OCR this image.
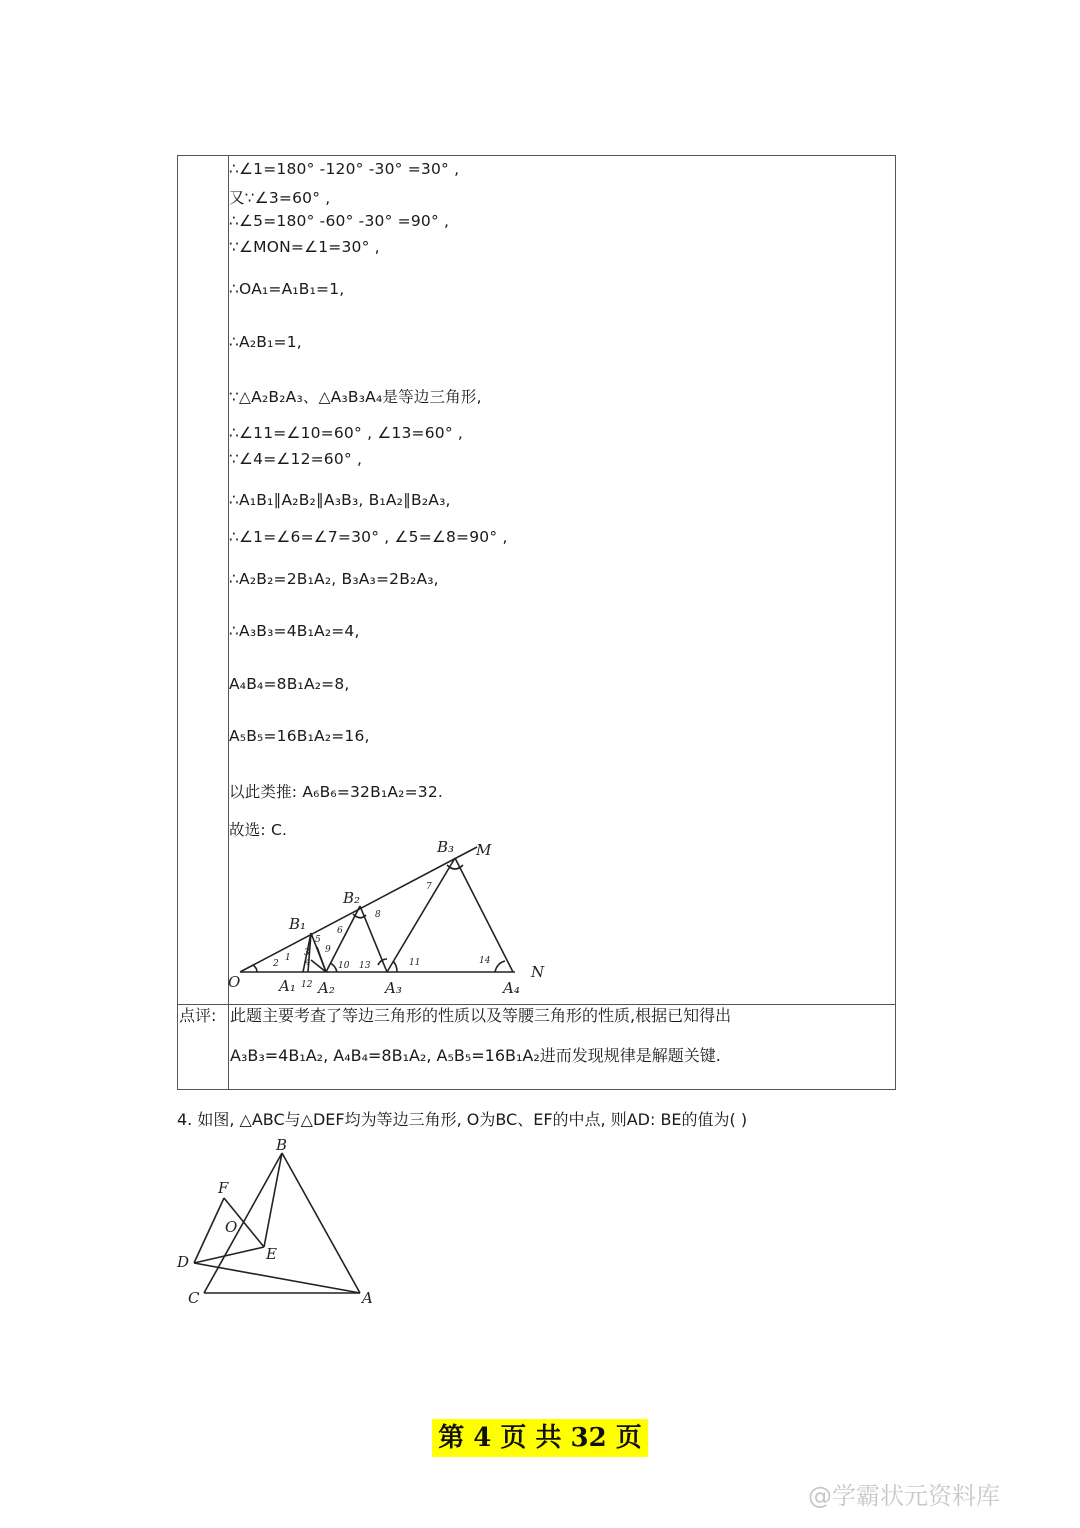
∴∠1=180° -120° -30° =30° ,
又∵∠3=60° ,
∴∠5=180° -60° -30° =90° ,
∵∠MON=∠1=30° ,
∴OA₁=A₁B₁=1,
∴A₂B₁=1,
∵△A₂B₂A₃、△A₃B₃A₄是等边三角形,
∴∠11=∠10=60° , ∠13=60° ,
∵∠4=∠12=60° ,
∴A₁B₁∥A₂B₂∥A₃B₃, B₁A₂∥B₂A₃,
∴∠1=∠6=∠7=30° , ∠5=∠8=90° ,
∴A₂B₂=2B₁A₂, B₃A₃=2B₂A₃,
∴A₃B₃=4B₁A₂=4,
A₄B₄=8B₁A₂=8,
A₅B₅=16B₁A₂=16,
以此类推: A₆B₆=32B₁A₂=32.
故选: C.
O
N
M
B₃
B₂
B₁
A₁ A₂	A₃	A₄
2
1 3
4
5
6
7
8
9
10	11
12
13	14
点评: 此题主要考查了等边三角形的性质以及等腰三角形的性质,根据已知得出
A₃B₃=4B₁A₂, A₄B₄=8B₁A₂, A₅B₅=16B₁A₂进而发现规律是解题关键.
4. 如图, △ABC与△DEF均为等边三角形, O为BC、EF的中点, 则AD: BE的值为( )
B
F
O
E
D
C	A
第 4 页 共 32 页
@学霸状元资料库
